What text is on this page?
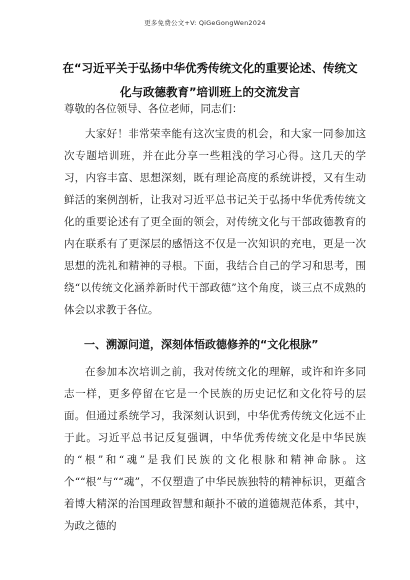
更多免费公文+V: QiGeGongWen2024
在“习近平关于弘扬中华优秀传统文化的重要论述、传统文化与政德教育”培训班上的交流发言
尊敬的各位领导、各位老师，同志们：

大家好！非常荣幸能有这次宝贵的机会，和大家一同参加这次专题培训班，并在此分享一些粗浅的学习心得。这几天的学习，内容丰富、思想深刻，既有理论高度的系统讲授，又有生动鲜活的案例剖析，让我对习近平总书记关于弘扬中华优秀传统文化的重要论述有了更全面的领会，对传统文化与干部政德教育的内在联系有了更深层的感悟这不仅是一次知识的充电，更是一次思想的洗礼和精神的寻根。下面，我结合自己的学习和思考，围绕“以传统文化涵养新时代干部政德”这个角度，谈三点不成熟的体会以求教于各位。

一、溯源问道，深刻体悟政德修养的“文化根脉”

在参加本次培训之前，我对传统文化的理解，或许和许多同志一样，更多停留在它是一个民族的历史记忆和文化符号的层面。但通过系统学习，我深刻认识到，中华优秀传统文化远不止于此。习近平总书记反复强调，中华优秀传统文化是中华民族的“根”和“魂”是我们民族的文化根脉和精神命脉。这个““根”与““魂”，不仅塑造了中华民族独特的精神标识，更蕴含着博大精深的治国理政智慧和颠扑不破的道德规范体系，其中，为政之德的
